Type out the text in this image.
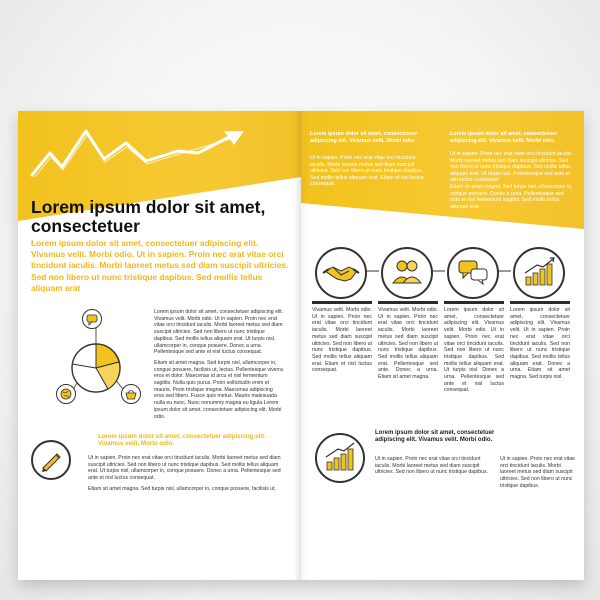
Lorem ipsum dolor sit amet, consectetuer
Lorem ipsum dolor sit amet, consectetuer adipiscing elit. Vivamus velit. Morbi odio. Ut in sapien. Proin nec erat vitae orci tincidunt iaculis. Morbi laoreet metus sed diam suscipit ultricies. Sed non libero ut nunc tristique dapibus. Sed mollis tellus aliquam erat

Lorem ipsum dolor sit amet, consectetuer adipiscing elit. Vivamus velit. Morbi odio. Ut in sapien. Proin nec erat vitae orci tincidunt iaculis. Morbi laoreet metus sed diam suscipit ultricies. Sed non libero ut nunc tristique dapibus. Sed mollis tellus aliquam erat. Ut turpis nisl, ullamcorper in, conque posuere. Donec a urna. Pellentesque sed ante et nisl luctus consequat.

Etiam sit amet magna. Sed turpis nisl, ullamcorper in, congue posuere, facilisis ut, lectus. Pellentesque viverra eros et dolor. Maecenas id arcu et nisl fermentum sagittis. Nulla quis purus. Proin sollicitudin enim et mauris. Proin tristique magna. Maecenas adipiscing eros sed libero. Fusce quis metus. Mauris malesuada nulla eu nunc. Nunc nonummy magna eu ligula.Lorem ipsum dolor sit amet, consectetuer adipiscing elit. Morbi odio.

Lorem ipsum dolor sit amet, consectetuer adipiscing elit. Vivamus velit. Morbi odio.

Ut in sapien. Proin nec erat vitae orci tincidunt iaculis. Morbi laoreet metus sed diam suscipit ultricies. Sed non libero ut nunc tristique dapibus. Sed mollis tellus aliquam erat. Ut turpis nisl, ullamcorper in, conque posuere. Donec a urna. Pellentesque sed ante et nisl luctus consequat.

Etiam sit amet magna. Sed turpis nisl, ullamcorper in, conque posuere, facilisis ut,

Lorem ipsum dolor sit amet, consectetuer adipiscing elit. Vivamus velit. Morbi odio.

Ut in sapien. Proin nec erat vitae orci tincidunt iaculis. Morbi laoreet metus sed diam suscipit ultricies. Sed non libero ut nunc tristique dapibus. Sed mollis tellus aliquam erat. Etiam et nisl luctus consequat.

Lorem ipsum dolor sit amet, consectetuer adipiscing elit. Vivamus velit. Morbi odio.

Ut in sapien. Proin nec erat vitae orci tincidunt iaculis. Morbi laoreet metus sed diam suscipit ultricies. Sed non libero ut nunc tristique dapibus. Sed mollis tellus aliquam erat. Ut turpis nisl. Pellentesque sed ante et nisl luctus consequat.

Etiam sit amet magna. Sed turpis nisl, ullamcorper in, conque posuere. Donec a urna. Pellentesque sed ante et nisl fermentum sagittis. Sed mollis tellus aliquam erat.

Vivamus velit. Morbi odio. Ut in sapien. Proin nec erat vitae orci tincidunt iaculis. Morbi laoreet metus sed diam suscipit ultricies. Sed non libero ut nunc tristique dapibus. Sed mollis tellus aliquam erat. Etiam et nisl luctus consequat.
Vivamus velit. Morbi odio. Ut in sapien. Proin nec erat vitae orci tincidunt iaculis. Morbi laoreet metus sed diam suscipit ultricies. Sed non libero ut nunc tristique dapibus. Sed mollis tellus aliquam erat. Pellentesque sed ante. Donec a urna. Etiam sit amet magna.
Lorem ipsum dolor sit amet, consectetuer adipiscing elit. Vivamus velit. Morbi odio. Ut in sapien. Proin nec erat vitae orci tincidunt iaculis. Sed non libero ut nunc tristique dapibus. Sed mollis tellus aliquam erat. Ut turpis nisl. Donec a urna. Pellentesque sed ante et nisl luctus consequat.
Lorem ipsum dolor sit amet, consectetuer adipiscing elit. Vivamus velit. Ut in sapien. Proin nec erat vitae orci tincidunt iaculis. Sed non libero ut nunc tristique dapibus. Sed mollis tellus aliquam erat. Donec a urna. Etiam sit amet magna. Sed turpis nisl.
Lorem ipsum dolor sit amet, consectetuer adipiscing elit. Vivamus velit. Morbi odio.
Ut in sapien. Proin nec erat vitae orci tincidunt iaculis. Morbi laoreet metus sed diam suscipit ultricies. Sed non libero ut nunc tristique dapibus.
Ut in sapien. Proin nec erat vitae orci tincidunt iaculis. Morbi laoreet metus sed diam suscipit ultricies. Sed non libero ut nunc tristique dapibus.
